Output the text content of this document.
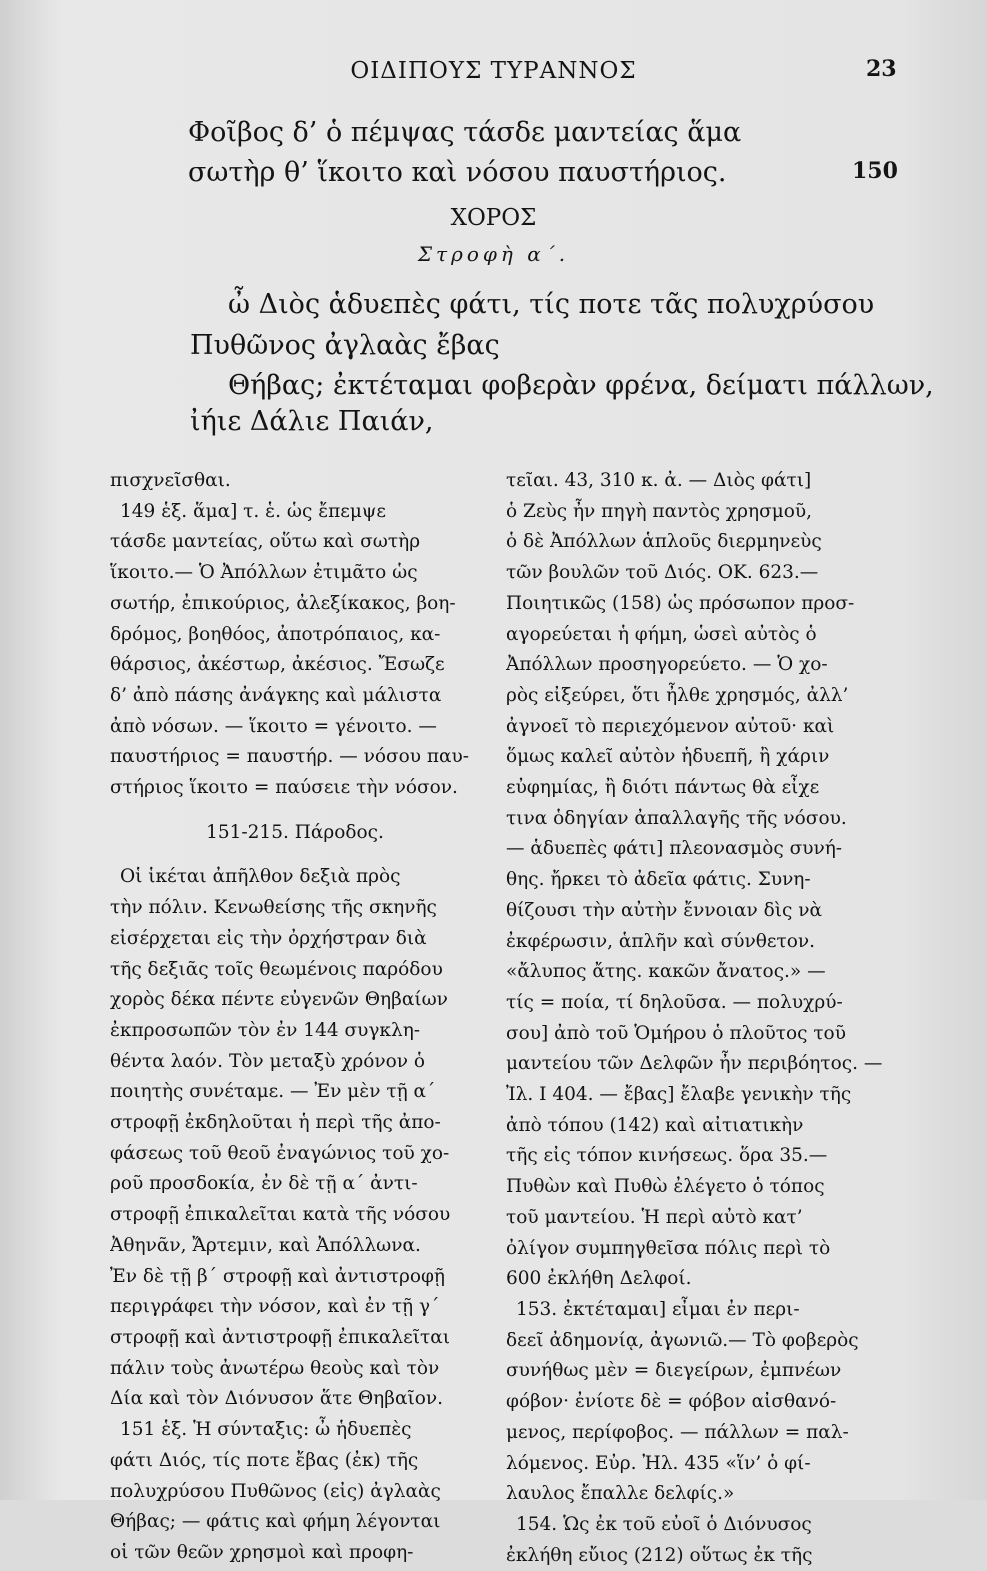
ΟΙΔΙΠΟΥΣ ΤΥΡΑΝΝΟΣ	23
Φοῖβος δ’ ὁ πέμψας τάσδε μαντείας ἅμα
σωτὴρ θ’ ἵκοιτο καὶ νόσου παυστήριος.	150
ΧΟΡΟΣ
Στροφὴ α΄.
ὦ Διὸς ἁδυεπὲς φάτι, τίς ποτε τᾶς πολυχρύσου
Πυθῶνος ἀγλαὰς ἔβας
Θήβας; ἐκτέταμαι φοβερὰν φρένα, δείματι πάλλων,
ἰήιε Δάλιε Παιάν,

πισχνεῖσθαι.

149 ἑξ. ἅμα] τ. ἑ. ὡς ἔπεμψε

τάσδε μαντείας, οὕτω καὶ σωτὴρ

ἵκοιτο.— Ὁ Ἀπόλλων ἐτιμᾶτο ὡς

σωτήρ, ἐπικούριος, ἀλεξίκακος, βοη-

δρόμος, βοηθόος, ἀποτρόπαιος, κα-

θάρσιος, ἀκέστωρ, ἀκέσιος. Ἔσωζε

δ’ ἀπὸ πάσης ἀνάγκης καὶ μάλιστα

ἀπὸ νόσων. — ἵκοιτο = γένοιτο. —

παυστήριος = παυστήρ. — νόσου παυ-

στήριος ἵκοιτο = παύσειε τὴν νόσον.

151-215. Πάροδος.

Οἱ ἱκέται ἀπῆλθον δεξιὰ πρὸς

τὴν πόλιν. Κενωθείσης τῆς σκηνῆς

εἰσέρχεται εἰς τὴν ὀρχήστραν διὰ

τῆς δεξιᾶς τοῖς θεωμένοις παρόδου

χορὸς δέκα πέντε εὐγενῶν Θηβαίων

ἐκπροσωπῶν τὸν ἐν 144 συγκλη-

θέντα λαόν. Τὸν μεταξὺ χρόνον ὁ

ποιητὴς συνέταμε. — Ἐν μὲν τῇ α΄

στροφῇ ἐκδηλοῦται ἡ περὶ τῆς ἀπο-

φάσεως τοῦ θεοῦ ἐναγώνιος τοῦ χο-

ροῦ προσδοκία, ἐν δὲ τῇ α΄ ἀντι-

στροφῇ ἐπικαλεῖται κατὰ τῆς νόσου

Ἀθηνᾶν, Ἄρτεμιν, καὶ Ἀπόλλωνα.

Ἐν δὲ τῇ β΄ στροφῇ καὶ ἀντιστροφῇ

περιγράφει τὴν νόσον, καὶ ἐν τῇ γ΄

στροφῇ καὶ ἀντιστροφῇ ἐπικαλεῖται

πάλιν τοὺς ἀνωτέρω θεοὺς καὶ τὸν

Δία καὶ τὸν Διόνυσον ἅτε Θηβαῖον.

151 ἑξ. Ἡ σύνταξις: ὦ ἡδυεπὲς

φάτι Διός, τίς ποτε ἔβας (ἐκ) τῆς

πολυχρύσου Πυθῶνος (εἰς) ἀγλαὰς

Θήβας; — φάτις καὶ φήμη λέγονται

οἱ τῶν θεῶν χρησμοὶ καὶ προφη-

τεῖαι. 43, 310 κ. ἀ. — Διὸς φάτι]

ὁ Ζεὺς ἦν πηγὴ παντὸς χρησμοῦ,

ὁ δὲ Ἀπόλλων ἁπλοῦς διερμηνεὺς

τῶν βουλῶν τοῦ Διός. ΟΚ. 623.—

Ποιητικῶς (158) ὡς πρόσωπον προσ-

αγορεύεται ἡ φήμη, ὡσεὶ αὐτὸς ὁ

Ἀπόλλων προσηγορεύετο. — Ὁ χο-

ρὸς εἰξεύρει, ὅτι ἦλθε χρησμός, ἀλλ’

ἀγνοεῖ τὸ περιεχόμενον αὐτοῦ· καὶ

ὅμως καλεῖ αὐτὸν ἡδυεπῆ, ἢ χάριν

εὐφημίας, ἢ διότι πάντως θὰ εἶχε

τινα ὁδηγίαν ἀπαλλαγῆς τῆς νόσου.

— ἁδυεπὲς φάτι] πλεονασμὸς συνή-

θης. ἤρκει τὸ ἀδεῖα φάτις. Συνη-

θίζουσι τὴν αὐτὴν ἔννοιαν δὶς νὰ

ἐκφέρωσιν, ἁπλῆν καὶ σύνθετον.

«ἄλυπος ἄτης. κακῶν ἄνατος.» —

τίς = ποία, τί δηλοῦσα. — πολυχρύ-

σου] ἀπὸ τοῦ Ὁμήρου ὁ πλοῦτος τοῦ

μαντείου τῶν Δελφῶν ἦν περιβόητος. —

Ἰλ. Ι 404. — ἔβας] ἔλαβε γενικὴν τῆς

ἀπὸ τόπου (142) καὶ αἰτιατικὴν

τῆς εἰς τόπον κινήσεως. ὅρα 35.—

Πυθὼν καὶ Πυθὼ ἐλέγετο ὁ τόπος

τοῦ μαντείου. Ἡ περὶ αὐτὸ κατ’

ὀλίγον συμπηγθεῖσα πόλις περὶ τὸ

600 ἐκλήθη Δελφοί.

153. ἐκτέταμαι] εἶμαι ἐν περι-

δεεῖ ἀδημονίᾳ, ἀγωνιῶ.— Τὸ φοβερὸς

συνήθως μὲν = διεγείρων, ἐμπνέων

φόβον· ἐνίοτε δὲ = φόβον αἰσθανό-

μενος, περίφοβος. — πάλλων = παλ-

λόμενος. Εὐρ. Ἠλ. 435 «ἵν’ ὁ φί-

λαυλος ἔπαλλε δελφίς.»

154. Ὡς ἐκ τοῦ εὐοῖ ὁ Διόνυσος

ἐκλήθη εὔιος (212) οὕτως ἐκ τῆς
